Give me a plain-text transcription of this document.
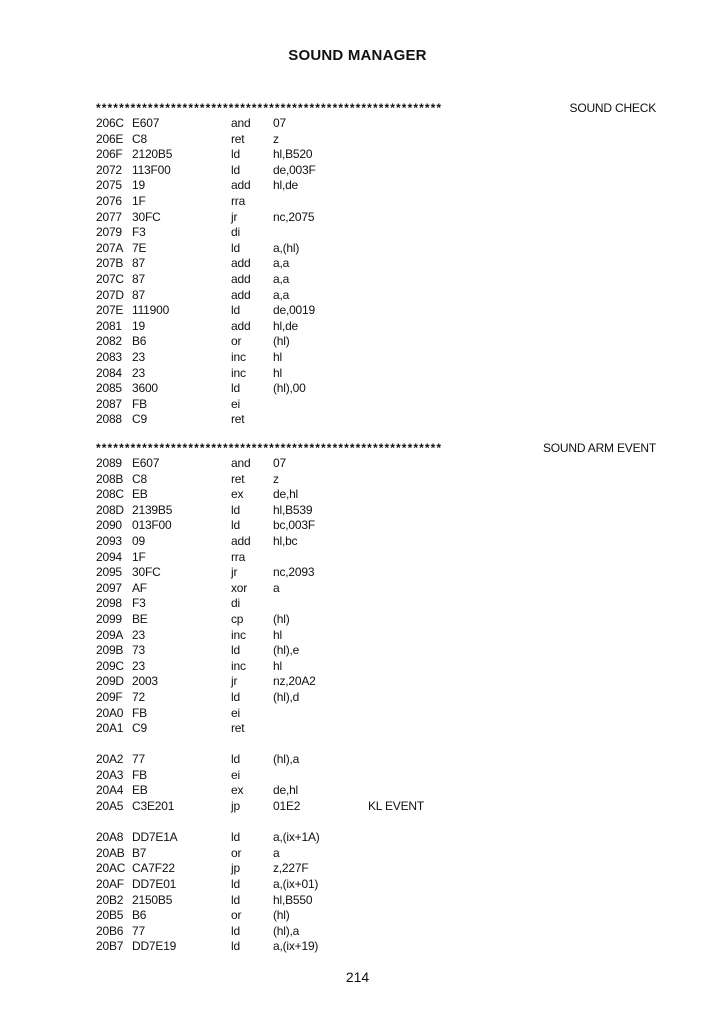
SOUND MANAGER
************************************************************	SOUND CHECK
206C E607	and 07
206E C8	ret z
206F 2120B5	ld	hl,B520
2072 113F00	ld	de,003F
2075 19	add hl,de
2076 1F	rra
2077 30FC	jr	nc,2075
2079 F3	di
207A 7E	ld	a,(hl)
207B 87	add a,a
207C 87	add a,a
207D 87	add a,a
207E 111900	ld	de,0019
2081 19	add hl,de
2082 B6	or	(hl)
2083 23	inc hl
2084 23	inc hl
2085 3600	ld	(hl),00
2087 FB	ei
2088 C9	ret
************************************************************	SOUND ARM EVENT
2089 E607	and 07
208B C8	ret z
208C EB	ex de,hl
208D 2139B5	ld	hl,B539
2090 013F00	ld	bc,003F
2093 09	add hl,bc
2094 1F	rra
2095 30FC	jr	nc,2093
2097 AF	xor a
2098 F3	di
2099 BE	cp (hl)
209A 23	inc hl
209B 73	ld	(hl),e
209C 23	inc hl
209D 2003	jr	nz,20A2
209F 72	ld	(hl),d
20A0 FB	ei
20A1 C9	ret
20A2 77	ld	(hl),a
20A3 FB	ei
20A4 EB	ex de,hl
20A5 C3E201	jp	01E2	KL EVENT
20A8 DD7E1A	ld	a,(ix+1A)
20AB B7	or	a
20AC CA7F22	jp	z,227F
20AF DD7E01	ld	a,(ix+01)
20B2 2150B5	ld	hl,B550
20B5 B6	or	(hl)
20B6 77	ld	(hl),a
20B7 DD7E19	ld	a,(ix+19)
214
